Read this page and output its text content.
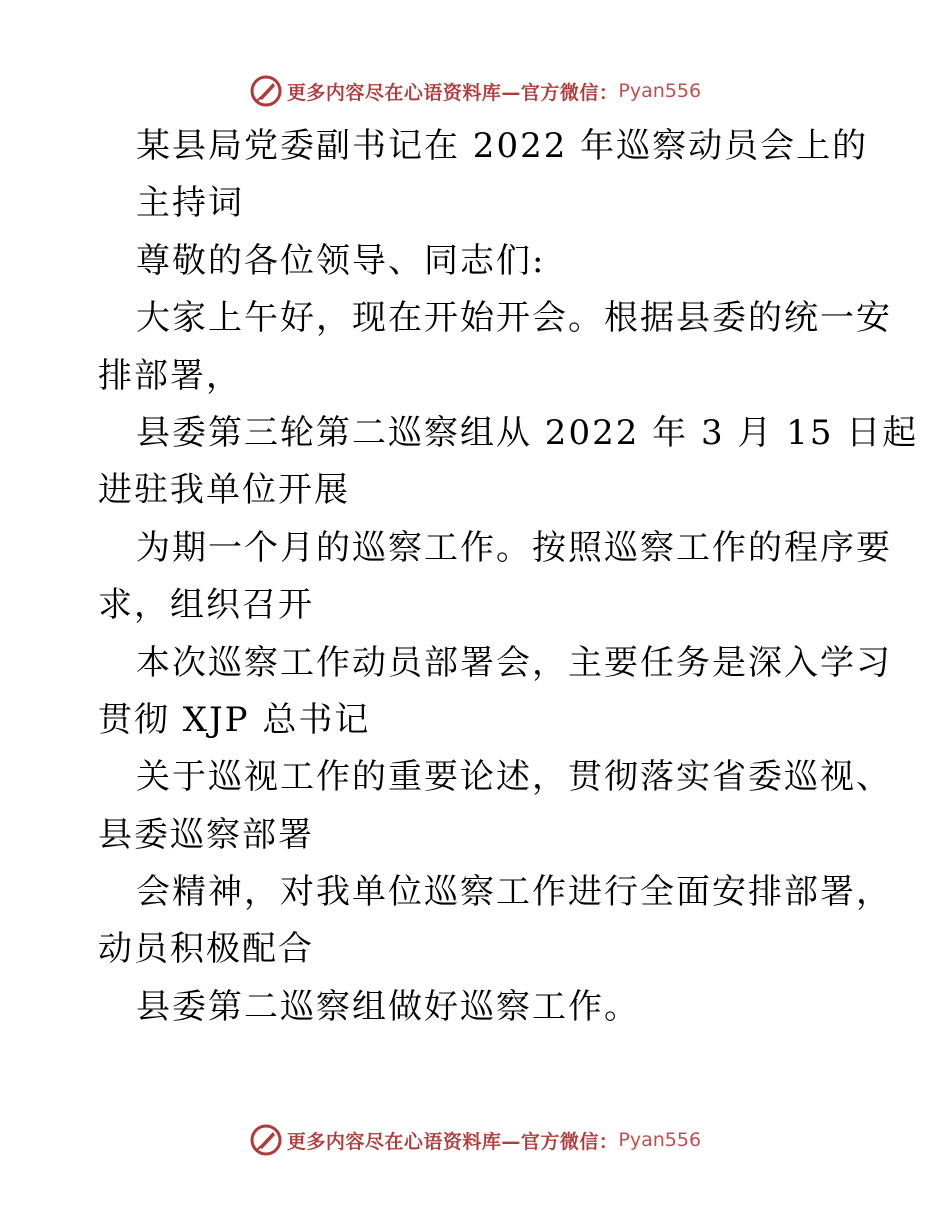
更多内容尽在心语资料库—官方微信： Pyan556

某县局党委副书记在 2022 年巡察动员会上的

主持词

尊敬的各位领导、同志们:

大家上午好，现在开始开会。根据县委的统一安

排部署，

县委第三轮第二巡察组从 2022 年 3 月 15 日起

进驻我单位开展

为期一个月的巡察工作。按照巡察工作的程序要

求，组织召开

本次巡察工作动员部署会，主要任务是深入学习

贯彻 XJP 总书记

关于巡视工作的重要论述，贯彻落实省委巡视、

县委巡察部署

会精神，对我单位巡察工作进行全面安排部署，

动员积极配合

县委第二巡察组做好巡察工作。

更多内容尽在心语资料库—官方微信： Pyan556
